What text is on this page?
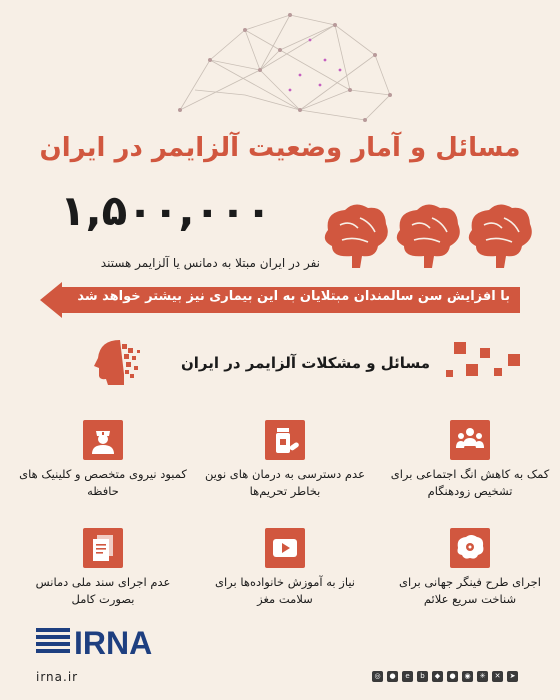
مسائل و آمار وضعیت آلزایمر در ایران
۱,۵۰۰,۰۰۰
نفر در ایران مبتلا به دمانس یا آلزایمر هستند
با افزایش سن سالمندان مبتلایان به این بیماری نیز بیشتر خواهد شد
مسائل و مشکلات آلزایمر در ایران
کمک به کاهش انگ اجتماعی برای تشخیص زودهنگام
عدم دسترسی به درمان های نوین بخاطر تحریم‌ها
کمبود نیروی متخصص و کلینیک های حافظه
اجرای طرح فینگر جهانی برای شناخت سریع علائم
نیاز به آموزش خانواده‌ها برای سلامت مغز
عدم اجرای سند ملی دمانس بصورت کامل
IRNA
irna.ir	◎	●	e	b	◆	●	◉	✳	✕	➤
